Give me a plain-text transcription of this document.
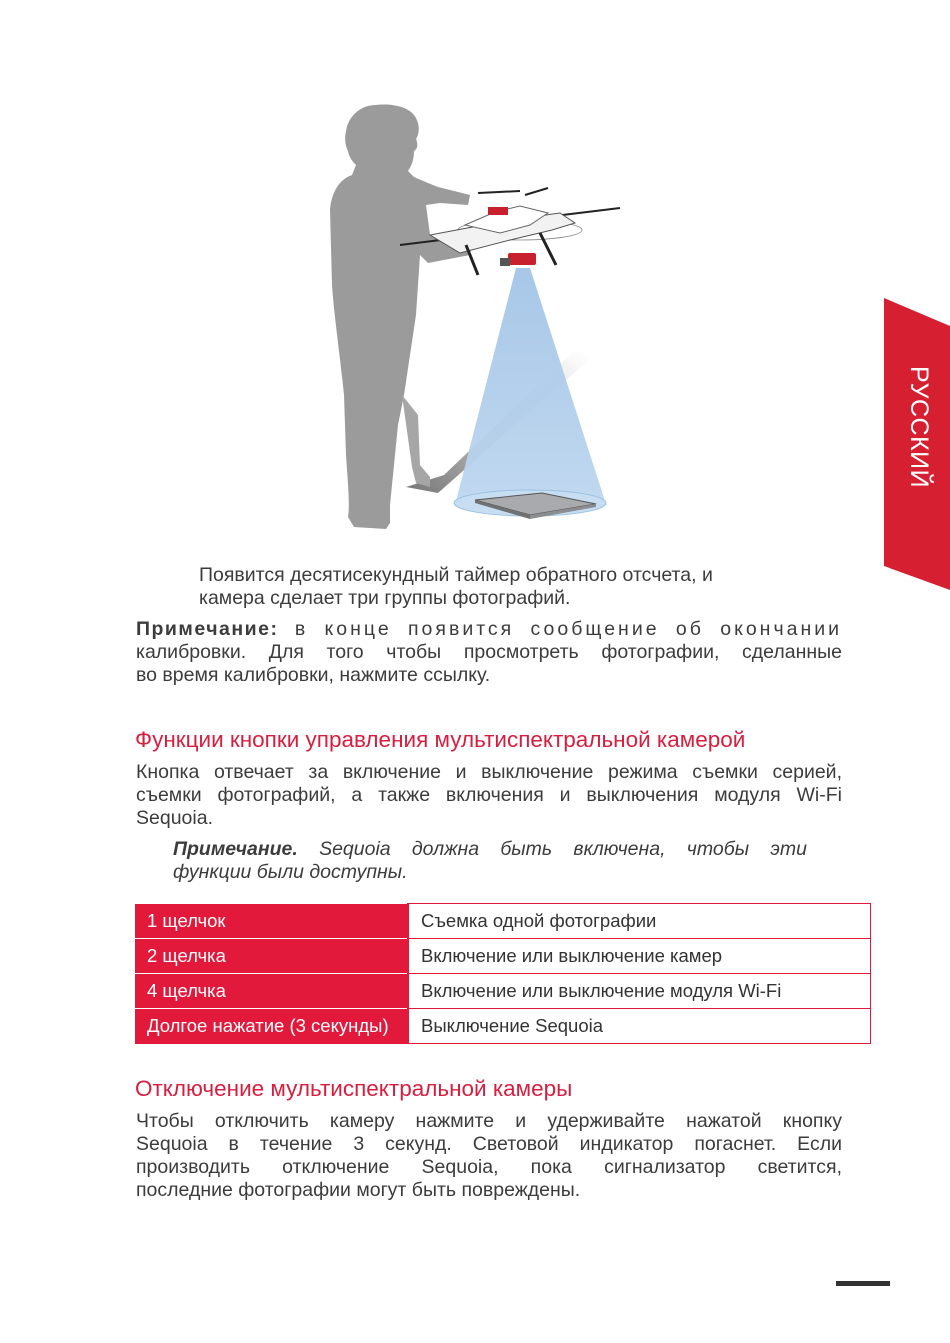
РУССКИЙ
Появится десятисекундный таймер обратного отсчета, и
камера сделает три группы фотографий.
Примечание: в конце появится сообщение об окончании
калибровки. Для того чтобы просмотреть фотографии, сделанные
во время калибровки, нажмите ссылку.
Функции кнопки управления мультиспектральной камерой
Кнопка отвечает за включение и выключение режима съемки серией,
съемки фотографий, а также включения и выключения модуля Wi-Fi
Sequoia.
Примечание. Sequoia должна быть включена, чтобы эти
функции были доступны.
1 щелчок	Съемка одной фотографии
2 щелчка	Включение или выключение камер
4 щелчка	Включение или выключение модуля Wi-Fi
Долгое нажатие (3 секунды)	Выключение Sequoia
Отключение мультиспектральной камеры
Чтобы отключить камеру нажмите и удерживайте нажатой кнопку
Sequoia в течение 3 секунд. Световой индикатор погаснет. Если
производить отключение Sequoia, пока сигнализатор светится,
последние фотографии могут быть повреждены.
